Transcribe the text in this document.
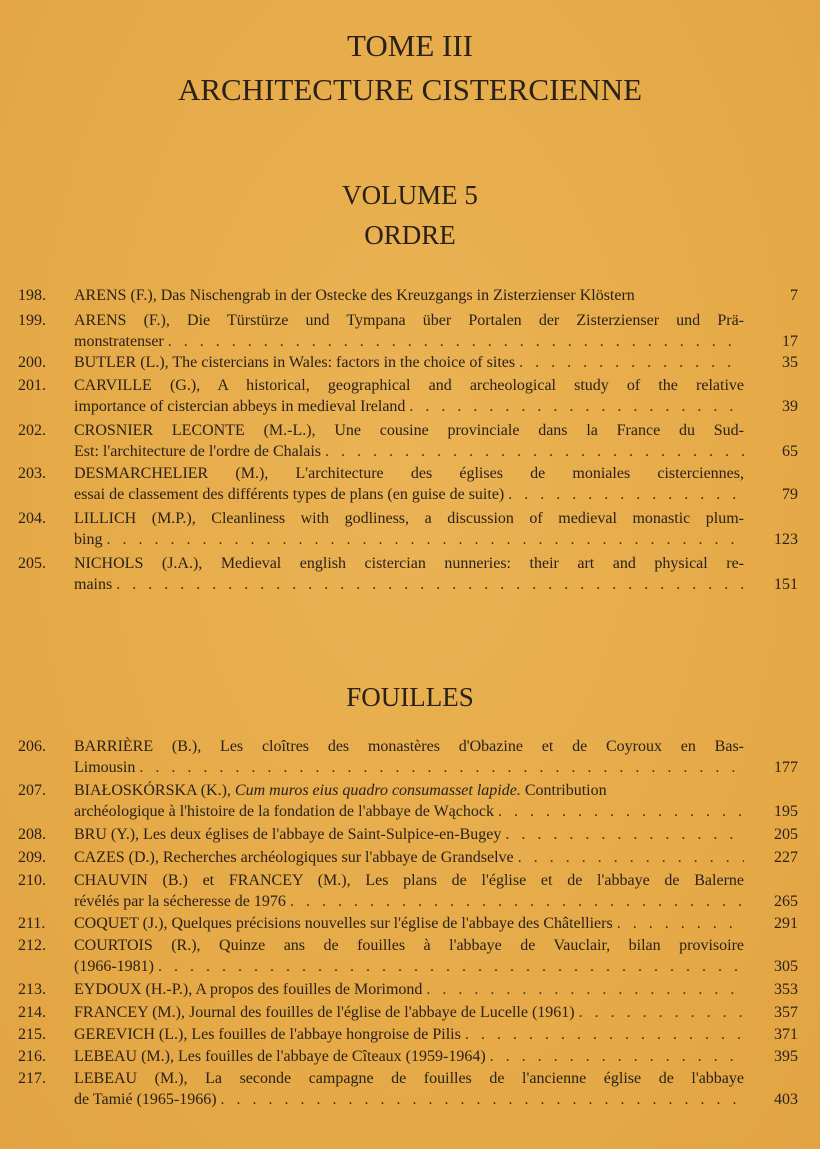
TOME III
ARCHITECTURE CISTERCIENNE
VOLUME 5
ORDRE
198.	ARENS (F.), Das Nischengrab in der Ostecke des Kreuzgangs in Zisterzienser Klöstern	7
199.	ARENS (F.), Die Türstürze und Tympana über Portalen der Zisterzienser und Prä-
monstratenser . . .	17
200.	BUTLER (L.), The cistercians in Wales: factors in the choice of sites . . .	35
201.	CARVILLE (G.), A historical, geographical and archeological study of the relative
importance of cistercian abbeys in medieval Ireland . . .	39
202.	CROSNIER LECONTE (M.-L.), Une cousine provinciale dans la France du Sud-
Est: l'architecture de l'ordre de Chalais . . .	65
203.	DESMARCHELIER (M.), L'architecture des églises de moniales cisterciennes,
essai de classement des différents types de plans (en guise de suite) . . .	79
204.	LILLICH (M.P.), Cleanliness with godliness, a discussion of medieval monastic plum-
bing . . .	123
205.	NICHOLS (J.A.), Medieval english cistercian nunneries: their art and physical re-
mains . . .	151
FOUILLES
206.	BARRIÈRE (B.), Les cloîtres des monastères d'Obazine et de Coyroux en Bas-
Limousin . . .	177
207.	BIAŁOSKÓRSKA (K.), Cum muros eius quadro consumasset lapide. Contribution
archéologique à l'histoire de la fondation de l'abbaye de Wąchock . . .	195
208.	BRU (Y.), Les deux églises de l'abbaye de Saint-Sulpice-en-Bugey . . .	205
209.	CAZES (D.), Recherches archéologiques sur l'abbaye de Grandselve . . .	227
210.	CHAUVIN (B.) et FRANCEY (M.), Les plans de l'église et de l'abbaye de Balerne
révélés par la sécheresse de 1976 . . .	265
211.	COQUET (J.), Quelques précisions nouvelles sur l'église de l'abbaye des Châtelliers . . .	291
212.	COURTOIS (R.), Quinze ans de fouilles à l'abbaye de Vauclair, bilan provisoire
(1966-1981) . . .	305
213.	EYDOUX (H.-P.), A propos des fouilles de Morimond . . .	353
214.	FRANCEY (M.), Journal des fouilles de l'église de l'abbaye de Lucelle (1961) . . .	357
215.	GEREVICH (L.), Les fouilles de l'abbaye hongroise de Pilis . . .	371
216.	LEBEAU (M.), Les fouilles de l'abbaye de Cîteaux (1959-1964) . . .	395
217.	LEBEAU (M.), La seconde campagne de fouilles de l'ancienne église de l'abbaye
de Tamié (1965-1966) . . .	403
